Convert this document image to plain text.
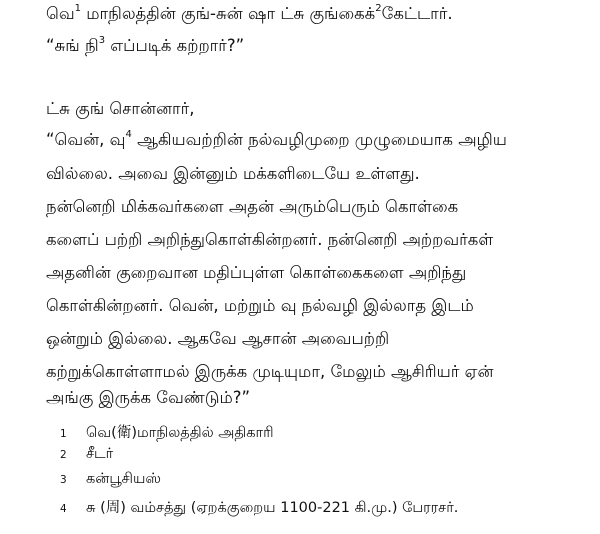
வெ$^1$ மாநிலத்தின் குங்-சுன் ஷா ட்சு குங்கைக்$^2$கேட்டார்.
“சுங் நி$^3$ எப்படிக் கற்றார்?”
ட்சு குங் சொன்னார்,
“வென், வு$^4$ ஆகியவற்றின் நல்வழிமுறை முழுமையாக அழிய
வில்லை. அவை இன்னும் மக்களிடையே உள்ளது.
நன்னெறி மிக்கவர்களை அதன் அரும்பெரும் கொள்கை
களைப் பற்றி அறிந்துகொள்கின்றனர். நன்னெறி அற்றவர்கள்
அதனின் குறைவான மதிப்புள்ள கொள்கைகளை அறிந்து
கொள்கின்றனர். வென், மற்றும் வு நல்வழி இல்லாத இடம்
ஒன்றும் இல்லை. ஆகவே ஆசான் அவைபற்றி
கற்றுக்கொள்ளாமல் இருக்க முடியுமா, மேலும் ஆசிரியர் ஏன்
அங்கு இருக்க வேண்டும்?”
1 வெ(衛)மாநிலத்தில் அதிகாரி
2 சீடர்
3 கன்பூசியஸ்
4 சு (周) வம்சத்து (ஏறக்குறைய 1100-221 கி.மு.) பேரரசர்.
